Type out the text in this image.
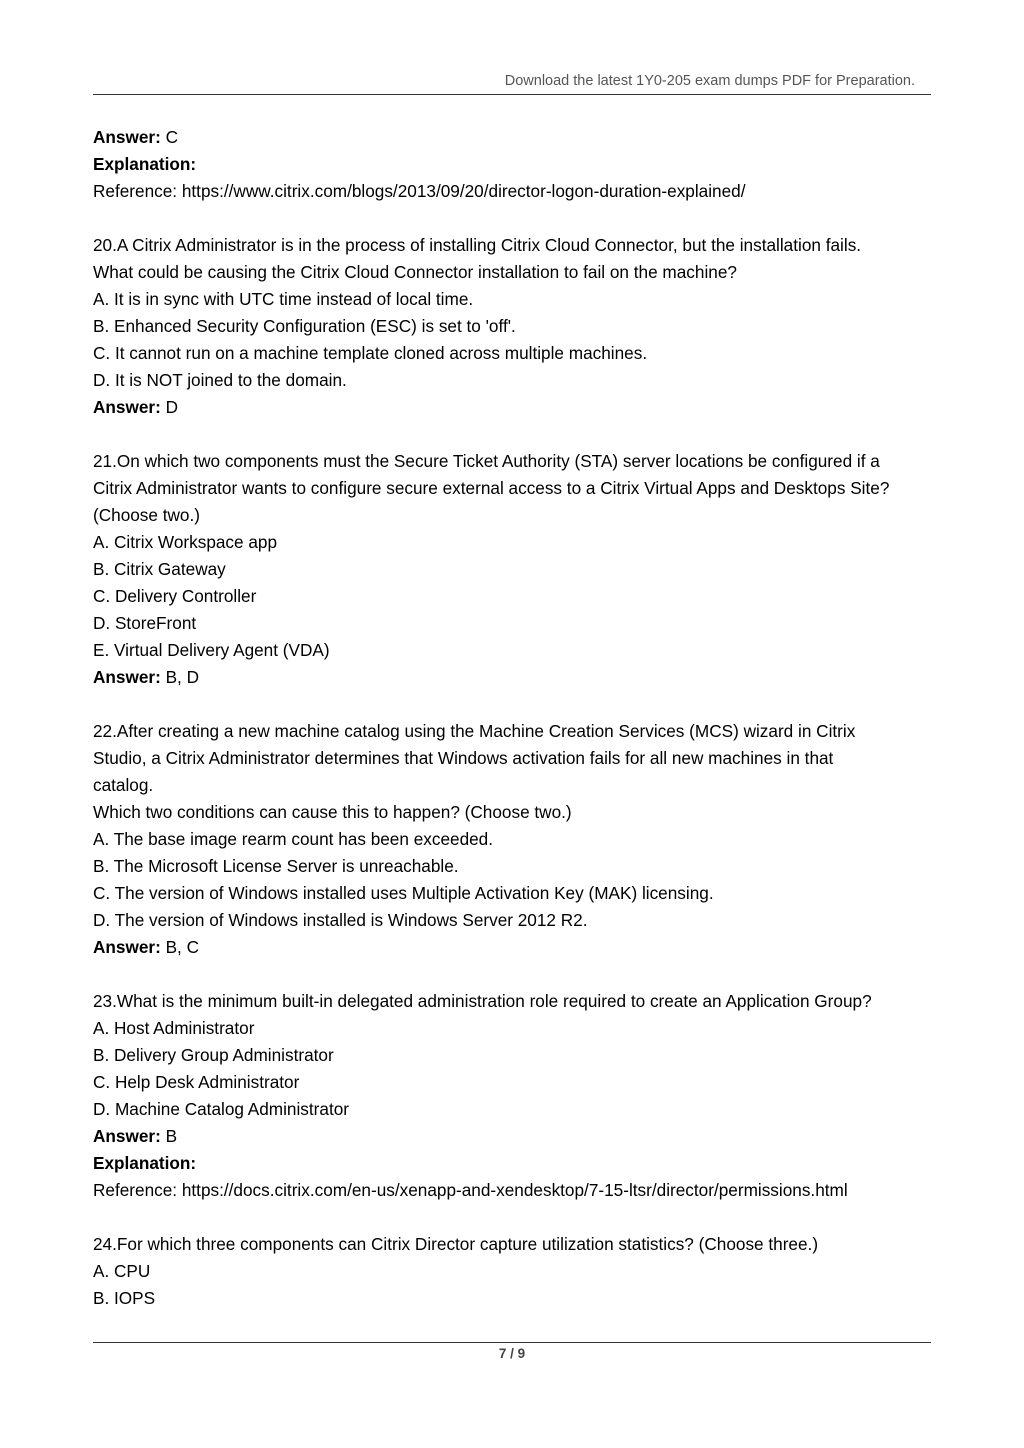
Download the latest 1Y0-205 exam dumps PDF for Preparation.
Answer: C
Explanation:
Reference: https://www.citrix.com/blogs/2013/09/20/director-logon-duration-explained/
20.A Citrix Administrator is in the process of installing Citrix Cloud Connector, but the installation fails.
What could be causing the Citrix Cloud Connector installation to fail on the machine?
A. It is in sync with UTC time instead of local time.
B. Enhanced Security Configuration (ESC) is set to 'off'.
C. It cannot run on a machine template cloned across multiple machines.
D. It is NOT joined to the domain.
Answer: D
21.On which two components must the Secure Ticket Authority (STA) server locations be configured if a
Citrix Administrator wants to configure secure external access to a Citrix Virtual Apps and Desktops Site?
(Choose two.)
A. Citrix Workspace app
B. Citrix Gateway
C. Delivery Controller
D. StoreFront
E. Virtual Delivery Agent (VDA)
Answer: B, D
22.After creating a new machine catalog using the Machine Creation Services (MCS) wizard in Citrix
Studio, a Citrix Administrator determines that Windows activation fails for all new machines in that
catalog.
Which two conditions can cause this to happen? (Choose two.)
A. The base image rearm count has been exceeded.
B. The Microsoft License Server is unreachable.
C. The version of Windows installed uses Multiple Activation Key (MAK) licensing.
D. The version of Windows installed is Windows Server 2012 R2.
Answer: B, C
23.What is the minimum built-in delegated administration role required to create an Application Group?
A. Host Administrator
B. Delivery Group Administrator
C. Help Desk Administrator
D. Machine Catalog Administrator
Answer: B
Explanation:
Reference: https://docs.citrix.com/en-us/xenapp-and-xendesktop/7-15-ltsr/director/permissions.html
24.For which three components can Citrix Director capture utilization statistics? (Choose three.)
A. CPU
B. IOPS
7 / 9
